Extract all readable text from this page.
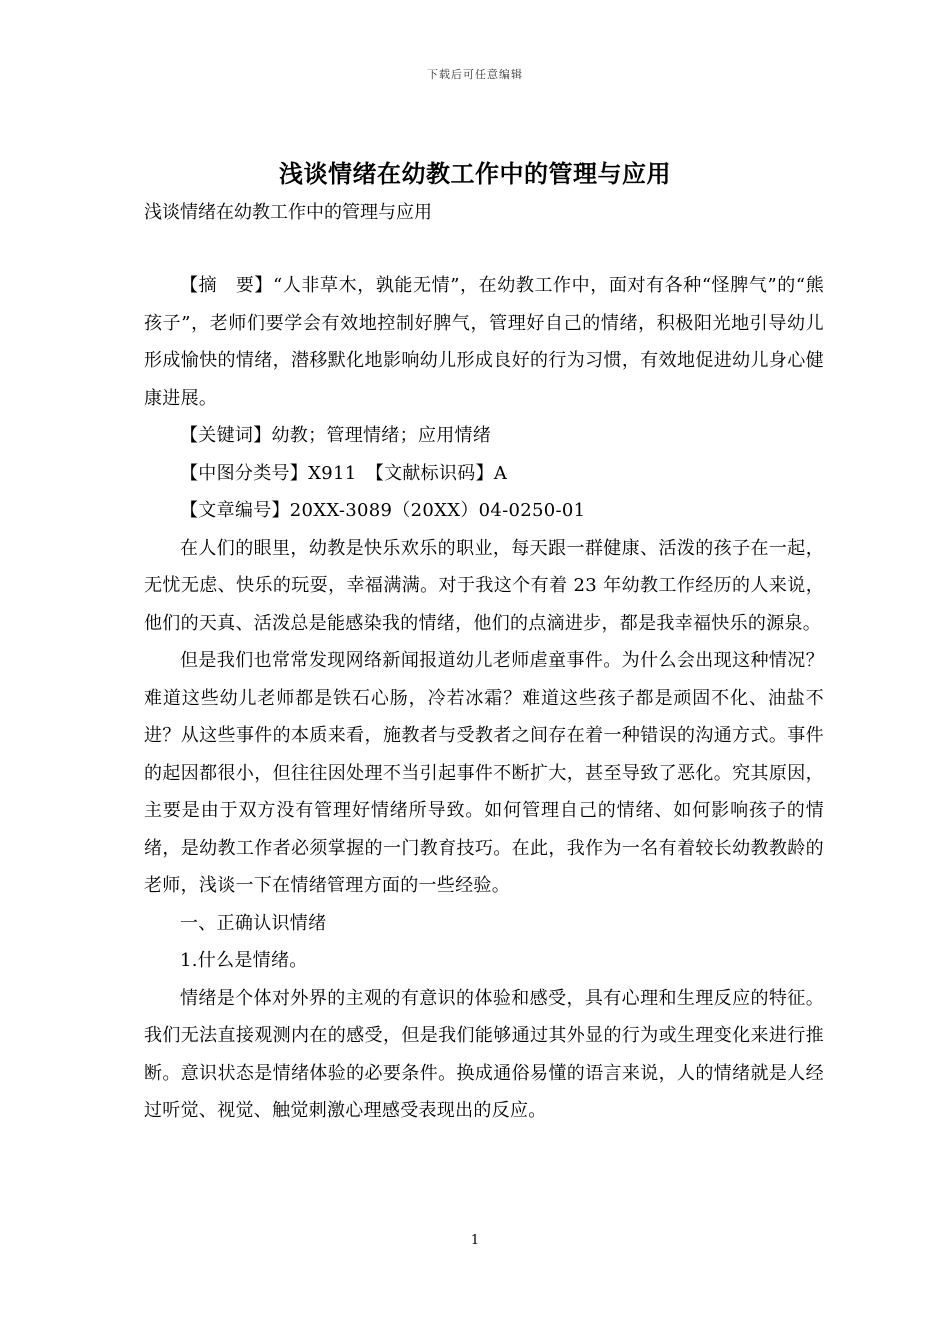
下载后可任意编辑
浅谈情绪在幼教工作中的管理与应用
浅谈情绪在幼教工作中的管理与应用

【摘　要】“人非草木，孰能无情”，在幼教工作中，面对有各种“怪脾气”的“熊孩子”，老师们要学会有效地控制好脾气，管理好自己的情绪，积极阳光地引导幼儿形成愉快的情绪，潜移默化地影响幼儿形成良好的行为习惯，有效地促进幼儿身心健康进展。

【关键词】幼教；管理情绪；应用情绪

【中图分类号】X911　【文献标识码】A

【文章编号】20XX-3089（20XX）04-0250-01

在人们的眼里，幼教是快乐欢乐的职业，每天跟一群健康、活泼的孩子在一起，无忧无虑、快乐的玩耍，幸福满满。对于我这个有着 23 年幼教工作经历的人来说，他们的天真、活泼总是能感染我的情绪，他们的点滴进步，都是我幸福快乐的源泉。

但是我们也常常发现网络新闻报道幼儿老师虐童事件。为什么会出现这种情况？难道这些幼儿老师都是铁石心肠，冷若冰霜？难道这些孩子都是顽固不化、油盐不进？从这些事件的本质来看，施教者与受教者之间存在着一种错误的沟通方式。事件的起因都很小，但往往因处理不当引起事件不断扩大，甚至导致了恶化。究其原因，主要是由于双方没有管理好情绪所导致。如何管理自己的情绪、如何影响孩子的情绪，是幼教工作者必须掌握的一门教育技巧。在此，我作为一名有着较长幼教教龄的老师，浅谈一下在情绪管理方面的一些经验。

一、正确认识情绪

1.什么是情绪。

情绪是个体对外界的主观的有意识的体验和感受，具有心理和生理反应的特征。我们无法直接观测内在的感受，但是我们能够通过其外显的行为或生理变化来进行推断。意识状态是情绪体验的必要条件。换成通俗易懂的语言来说，人的情绪就是人经过听觉、视觉、触觉刺激心理感受表现出的反应。

1
